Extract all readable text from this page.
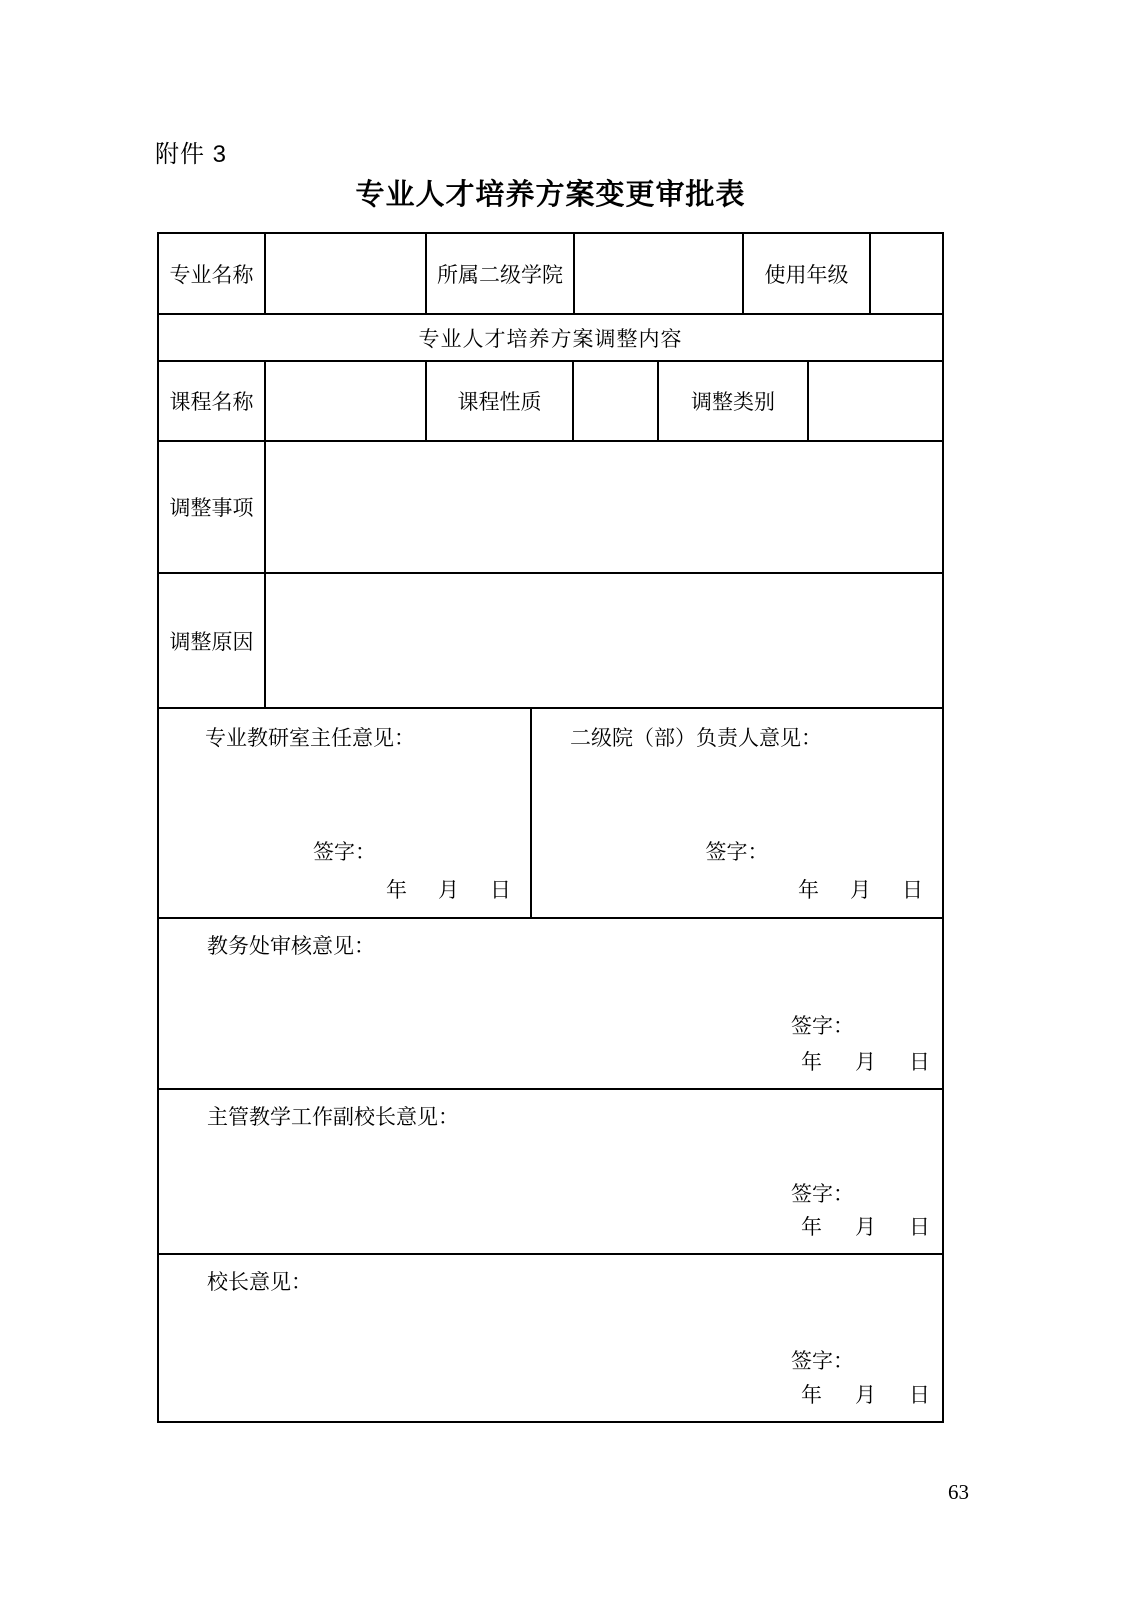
附件 3
专业人才培养方案变更审批表
专业名称	所属二级学院	使用年级
专业人才培养方案调整内容
课程名称	课程性质	调整类别
调整事项
调整原因
专业教研室主任意见：
签字：
年　月　日
二级院（部）负责人意见：
签字：
年　月　日
教务处审核意见：
签字：
年　月　日
主管教学工作副校长意见：
签字：
年　月　日
校长意见：
签字：
年　月　日
63
